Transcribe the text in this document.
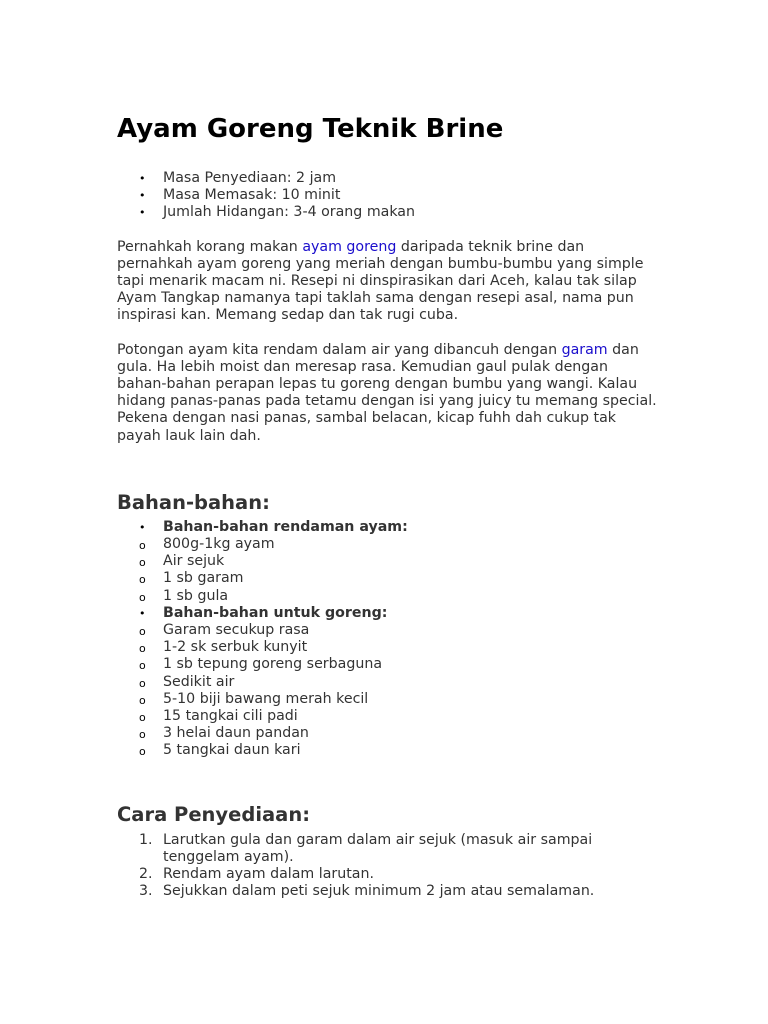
Ayam Goreng Teknik Brine
• Masa Penyediaan: 2 jam
• Masa Memasak: 10 minit
• Jumlah Hidangan: 3-4 orang makan

Pernahkah korang makan ayam goreng daripada teknik brine dan pernahkah ayam goreng yang meriah dengan bumbu-bumbu yang simple tapi menarik macam ni. Resepi ni dinspirasikan dari Aceh, kalau tak silap Ayam Tangkap namanya tapi taklah sama dengan resepi asal, nama pun inspirasi kan. Memang sedap dan tak rugi cuba.

Potongan ayam kita rendam dalam air yang dibancuh dengan garam dan gula. Ha lebih moist dan meresap rasa. Kemudian gaul pulak dengan bahan-bahan perapan lepas tu goreng dengan bumbu yang wangi. Kalau hidang panas-panas pada tetamu dengan isi yang juicy tu memang special. Pekena dengan nasi panas, sambal belacan, kicap fuhh dah cukup tak payah lauk lain dah.

Bahan-bahan:
• Bahan-bahan rendaman ayam:
o 800g-1kg ayam
o Air sejuk
o 1 sb garam
o 1 sb gula
• Bahan-bahan untuk goreng:
o Garam secukup rasa
o 1-2 sk serbuk kunyit
o 1 sb tepung goreng serbaguna
o Sedikit air
o 5-10 biji bawang merah kecil
o 15 tangkai cili padi
o 3 helai daun pandan
o 5 tangkai daun kari
Cara Penyediaan:
1. Larutkan gula dan garam dalam air sejuk (masuk air sampai tenggelam ayam).
2. Rendam ayam dalam larutan.
3. Sejukkan dalam peti sejuk minimum 2 jam atau semalaman.
